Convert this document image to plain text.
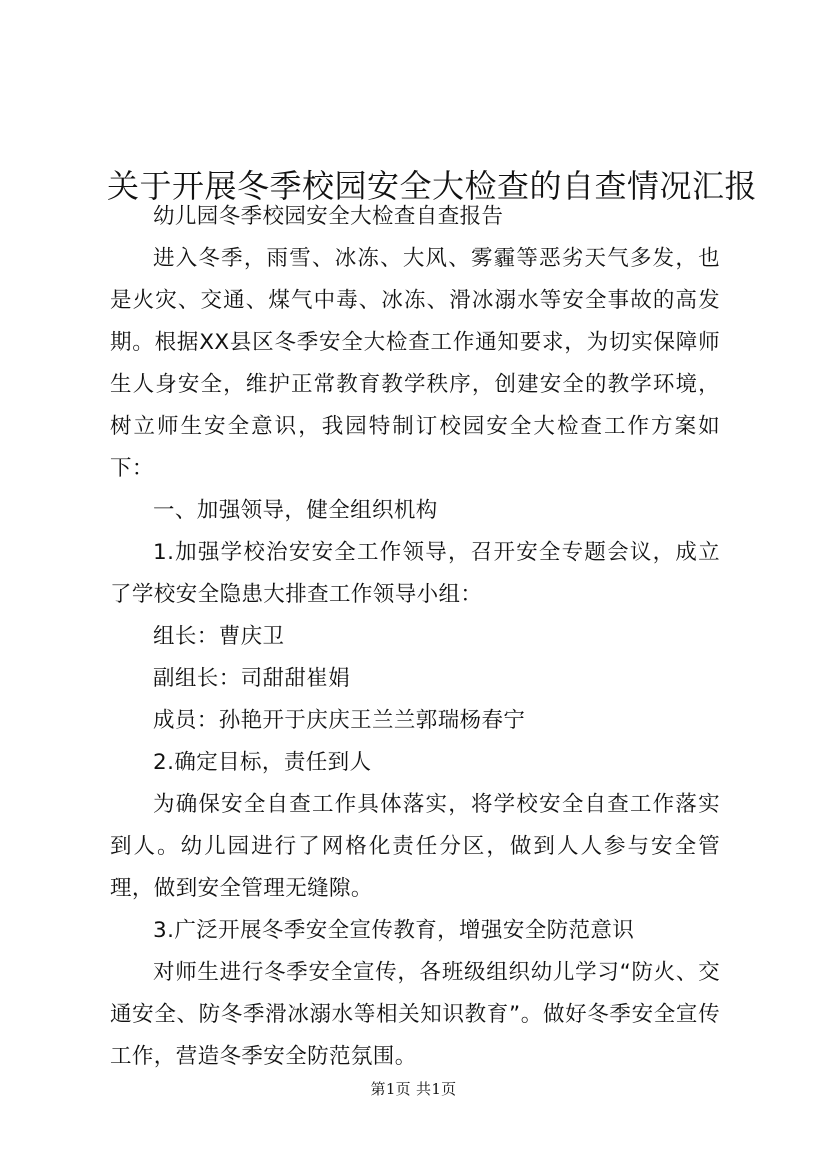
关于开展冬季校园安全大检查的自查情况汇报

幼儿园冬季校园安全大检查自查报告

进入冬季，雨雪、冰冻、大风、雾霾等恶劣天气多发，也是火灾、交通、煤气中毒、冰冻、滑冰溺水等安全事故的高发期。根据XX县区冬季安全大检查工作通知要求，为切实保障师生人身安全，维护正常教育教学秩序，创建安全的教学环境，树立师生安全意识，我园特制订校园安全大检查工作方案如下：

一、加强领导，健全组织机构

1.加强学校治安安全工作领导，召开安全专题会议，成立了学校安全隐患大排查工作领导小组：

组长：曹庆卫

副组长：司甜甜崔娟

成员：孙艳开于庆庆王兰兰郭瑞杨春宁

2.确定目标，责任到人

为确保安全自查工作具体落实，将学校安全自查工作落实到人。幼儿园进行了网格化责任分区，做到人人参与安全管理，做到安全管理无缝隙。

3.广泛开展冬季安全宣传教育，增强安全防范意识

对师生进行冬季安全宣传，各班级组织幼儿学习“防火、交通安全、防冬季滑冰溺水等相关知识教育”。做好冬季安全宣传工作，营造冬季安全防范氛围。

第1页 共1页
